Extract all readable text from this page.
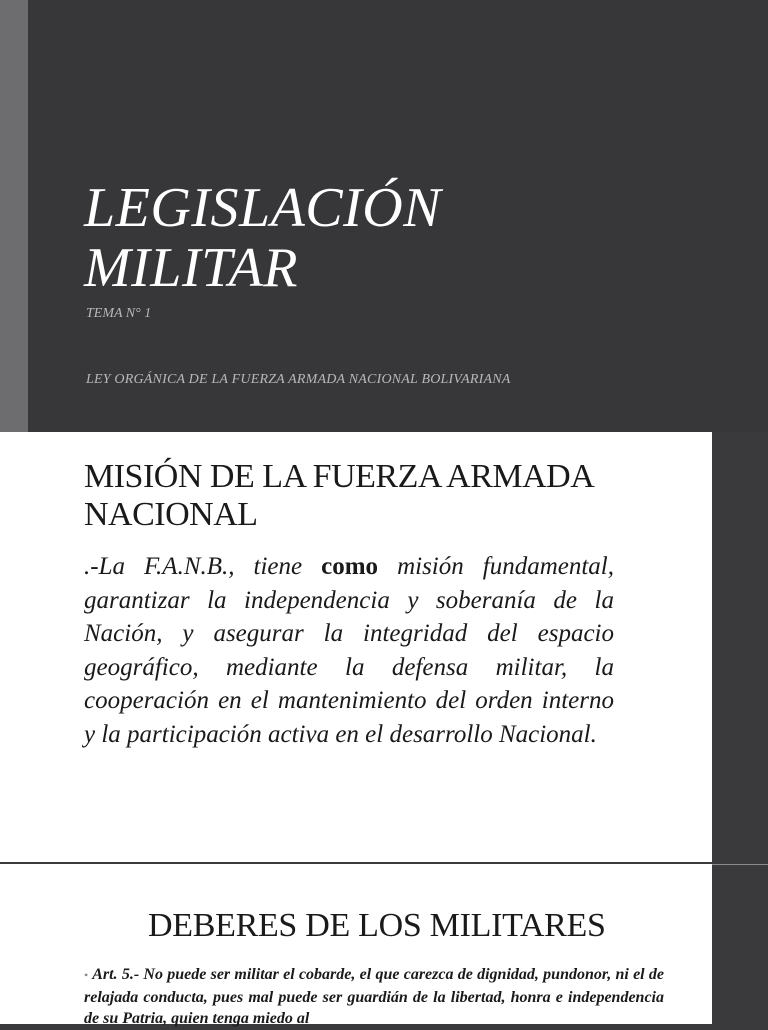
LEGISLACIÓN
MILITAR
TEMA N° 1
LEY ORGÁNICA DE LA FUERZA ARMADA NACIONAL BOLIVARIANA
MISIÓN DE LA FUERZA ARMADA NACIONAL

.-La F.A.N.B., tiene como misión fundamental, garantizar la independencia y soberanía de la Nación, y asegurar la integridad del espacio geográfico, mediante la defensa militar, la cooperación en el mantenimiento del orden interno y la participación activa en el desarrollo Nacional.

DEBERES DE LOS MILITARES

• Art. 5.- No puede ser militar el cobarde, el que carezca de dignidad, pundonor, ni el de relajada conducta, pues mal puede ser guardián de la libertad, honra e independencia de su Patria, quien tenga miedo al
